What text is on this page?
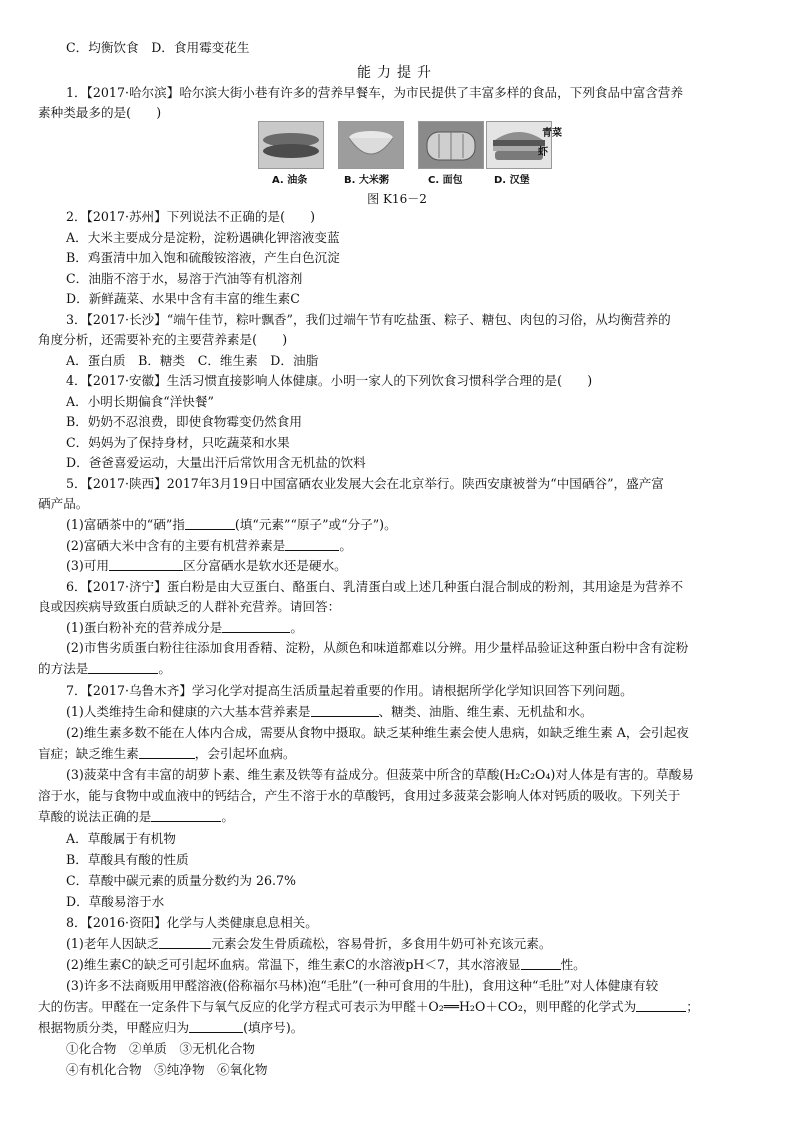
C．均衡饮食　D．食用霉变花生
能力提升
1．【2017·哈尔滨】哈尔滨大街小巷有许多的营养早餐车，为市民提供了丰富多样的食品，下列食品中富含营养
素种类最多的是(　　)
A. 油条	B. 大米粥	C. 面包	D. 汉堡
青菜
虾
图 K16－2
2．【2017·苏州】下列说法不正确的是(　　)
A．大米主要成分是淀粉，淀粉遇碘化钾溶液变蓝
B．鸡蛋清中加入饱和硫酸铵溶液，产生白色沉淀
C．油脂不溶于水，易溶于汽油等有机溶剂
D．新鲜蔬菜、水果中含有丰富的维生素C
3．【2017·长沙】“端午佳节，粽叶飘香”，我们过端午节有吃盐蛋、粽子、糖包、肉包的习俗，从均衡营养的
角度分析，还需要补充的主要营养素是(　　)
A．蛋白质　B．糖类　C．维生素　D．油脂
4．【2017·安徽】生活习惯直接影响人体健康。小明一家人的下列饮食习惯科学合理的是(　　)
A．小明长期偏食“洋快餐”
B．奶奶不忍浪费，即使食物霉变仍然食用
C．妈妈为了保持身材，只吃蔬菜和水果
D．爸爸喜爱运动，大量出汗后常饮用含无机盐的饮料
5．【2017·陕西】2017年3月19日中国富硒农业发展大会在北京举行。陕西安康被誉为“中国硒谷”，盛产富
硒产品。
(1)富硒茶中的“硒”指	(填“元素”“原子”或“分子”)。
(2)富硒大米中含有的主要有机营养素是	。
(3)可用	区分富硒水是软水还是硬水。
6．【2017·济宁】蛋白粉是由大豆蛋白、酪蛋白、乳清蛋白或上述几种蛋白混合制成的粉剂，其用途是为营养不
良或因疾病导致蛋白质缺乏的人群补充营养。请回答：
(1)蛋白粉补充的营养成分是	。
(2)市售劣质蛋白粉往往添加食用香精、淀粉，从颜色和味道都难以分辨。用少量样品验证这种蛋白粉中含有淀粉
的方法是	。
7．【2017·乌鲁木齐】学习化学对提高生活质量起着重要的作用。请根据所学化学知识回答下列问题。
(1)人类维持生命和健康的六大基本营养素是	、糖类、油脂、维生素、无机盐和水。
(2)维生素多数不能在人体内合成，需要从食物中摄取。缺乏某种维生素会使人患病，如缺乏维生素 A，会引起夜
盲症；缺乏维生素	，会引起坏血病。
(3)菠菜中含有丰富的胡萝卜素、维生素及铁等有益成分。但菠菜中所含的草酸(H₂C₂O₄)对人体是有害的。草酸易
溶于水，能与食物中或血液中的钙结合，产生不溶于水的草酸钙，食用过多菠菜会影响人体对钙质的吸收。下列关于
草酸的说法正确的是	。
A．草酸属于有机物
B．草酸具有酸的性质
C．草酸中碳元素的质量分数约为 26.7%
D．草酸易溶于水
8．【2016·资阳】化学与人类健康息息相关。
(1)老年人因缺乏	元素会发生骨质疏松，容易骨折，多食用牛奶可补充该元素。
(2)维生素C的缺乏可引起坏血病。常温下，维生素C的水溶液pH＜7，其水溶液显	性。
(3)许多不法商贩用甲醛溶液(俗称福尔马林)泡“毛肚”(一种可食用的牛肚)，食用这种“毛肚”对人体健康有较
大的伤害。甲醛在一定条件下与氧气反应的化学方程式可表示为甲醛＋O₂══H₂O＋CO₂，则甲醛的化学式为	；
根据物质分类，甲醛应归为	(填序号)。
①化合物　②单质　③无机化合物
④有机化合物　⑤纯净物　⑥氧化物
